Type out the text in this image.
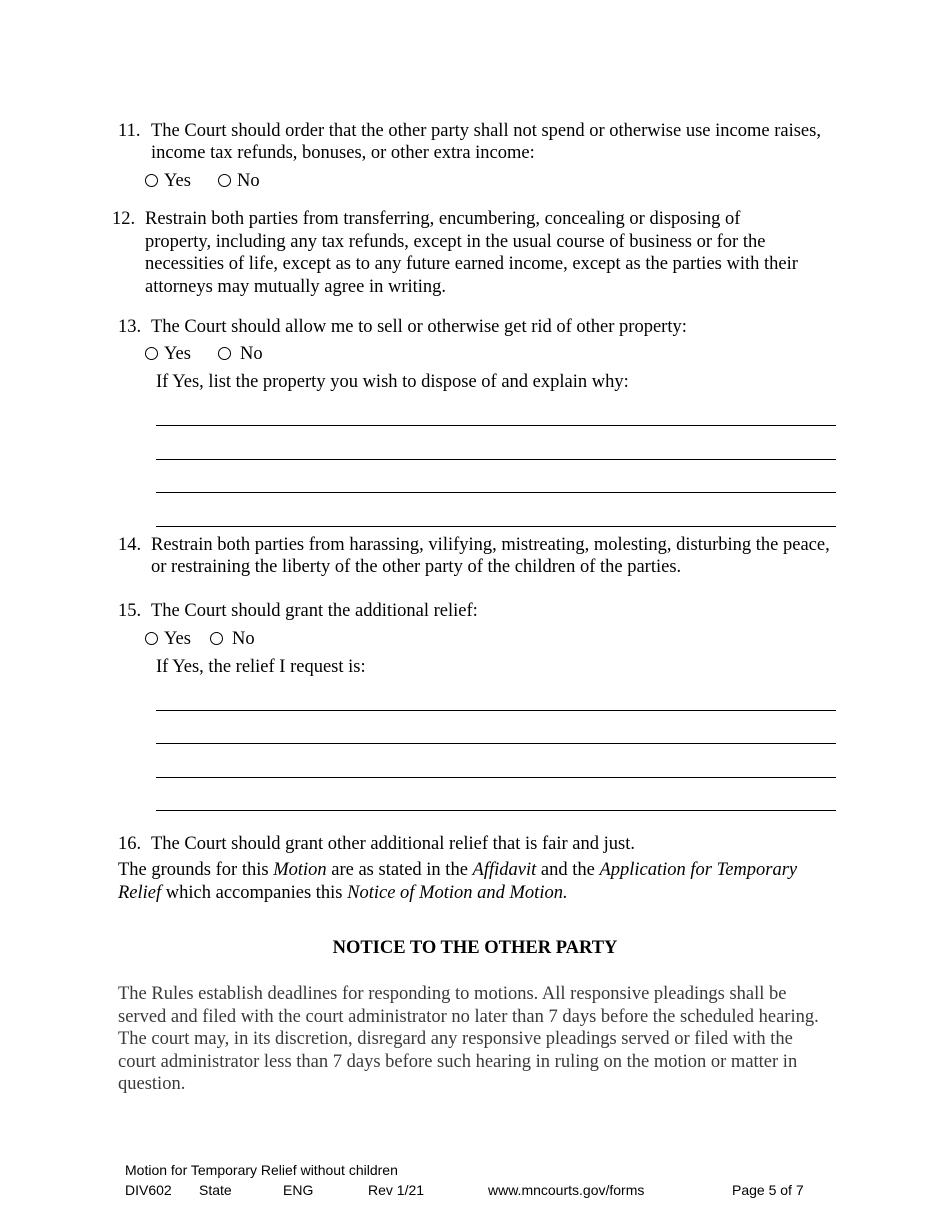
11. The Court should order that the other party shall not spend or otherwise use income raises,
income tax refunds, bonuses, or other extra income:
Yes	No
12. Restrain both parties from transferring, encumbering, concealing or disposing of
property, including any tax refunds, except in the usual course of business or for the
necessities of life, except as to any future earned income, except as the parties with their
attorneys may mutually agree in writing.
13. The Court should allow me to sell or otherwise get rid of other property:
Yes	No
If Yes, list the property you wish to dispose of and explain why:
14. Restrain both parties from harassing, vilifying, mistreating, molesting, disturbing the peace,
or restraining the liberty of the other party of the children of the parties.
15. The Court should grant the additional relief:
Yes	No
If Yes, the relief I request is:
16. The Court should grant other additional relief that is fair and just.
The grounds for this Motion are as stated in the Affidavit and the Application for Temporary
Relief which accompanies this Notice of Motion and Motion.
NOTICE TO THE OTHER PARTY
The Rules establish deadlines for responding to motions. All responsive pleadings shall be
served and filed with the court administrator no later than 7 days before the scheduled hearing.
The court may, in its discretion, disregard any responsive pleadings served or filed with the
court administrator less than 7 days before such hearing in ruling on the motion or matter in
question.
Motion for Temporary Relief without children
DIV602 State	ENG	Rev 1/21	www.mncourts.gov/forms	Page 5 of 7
